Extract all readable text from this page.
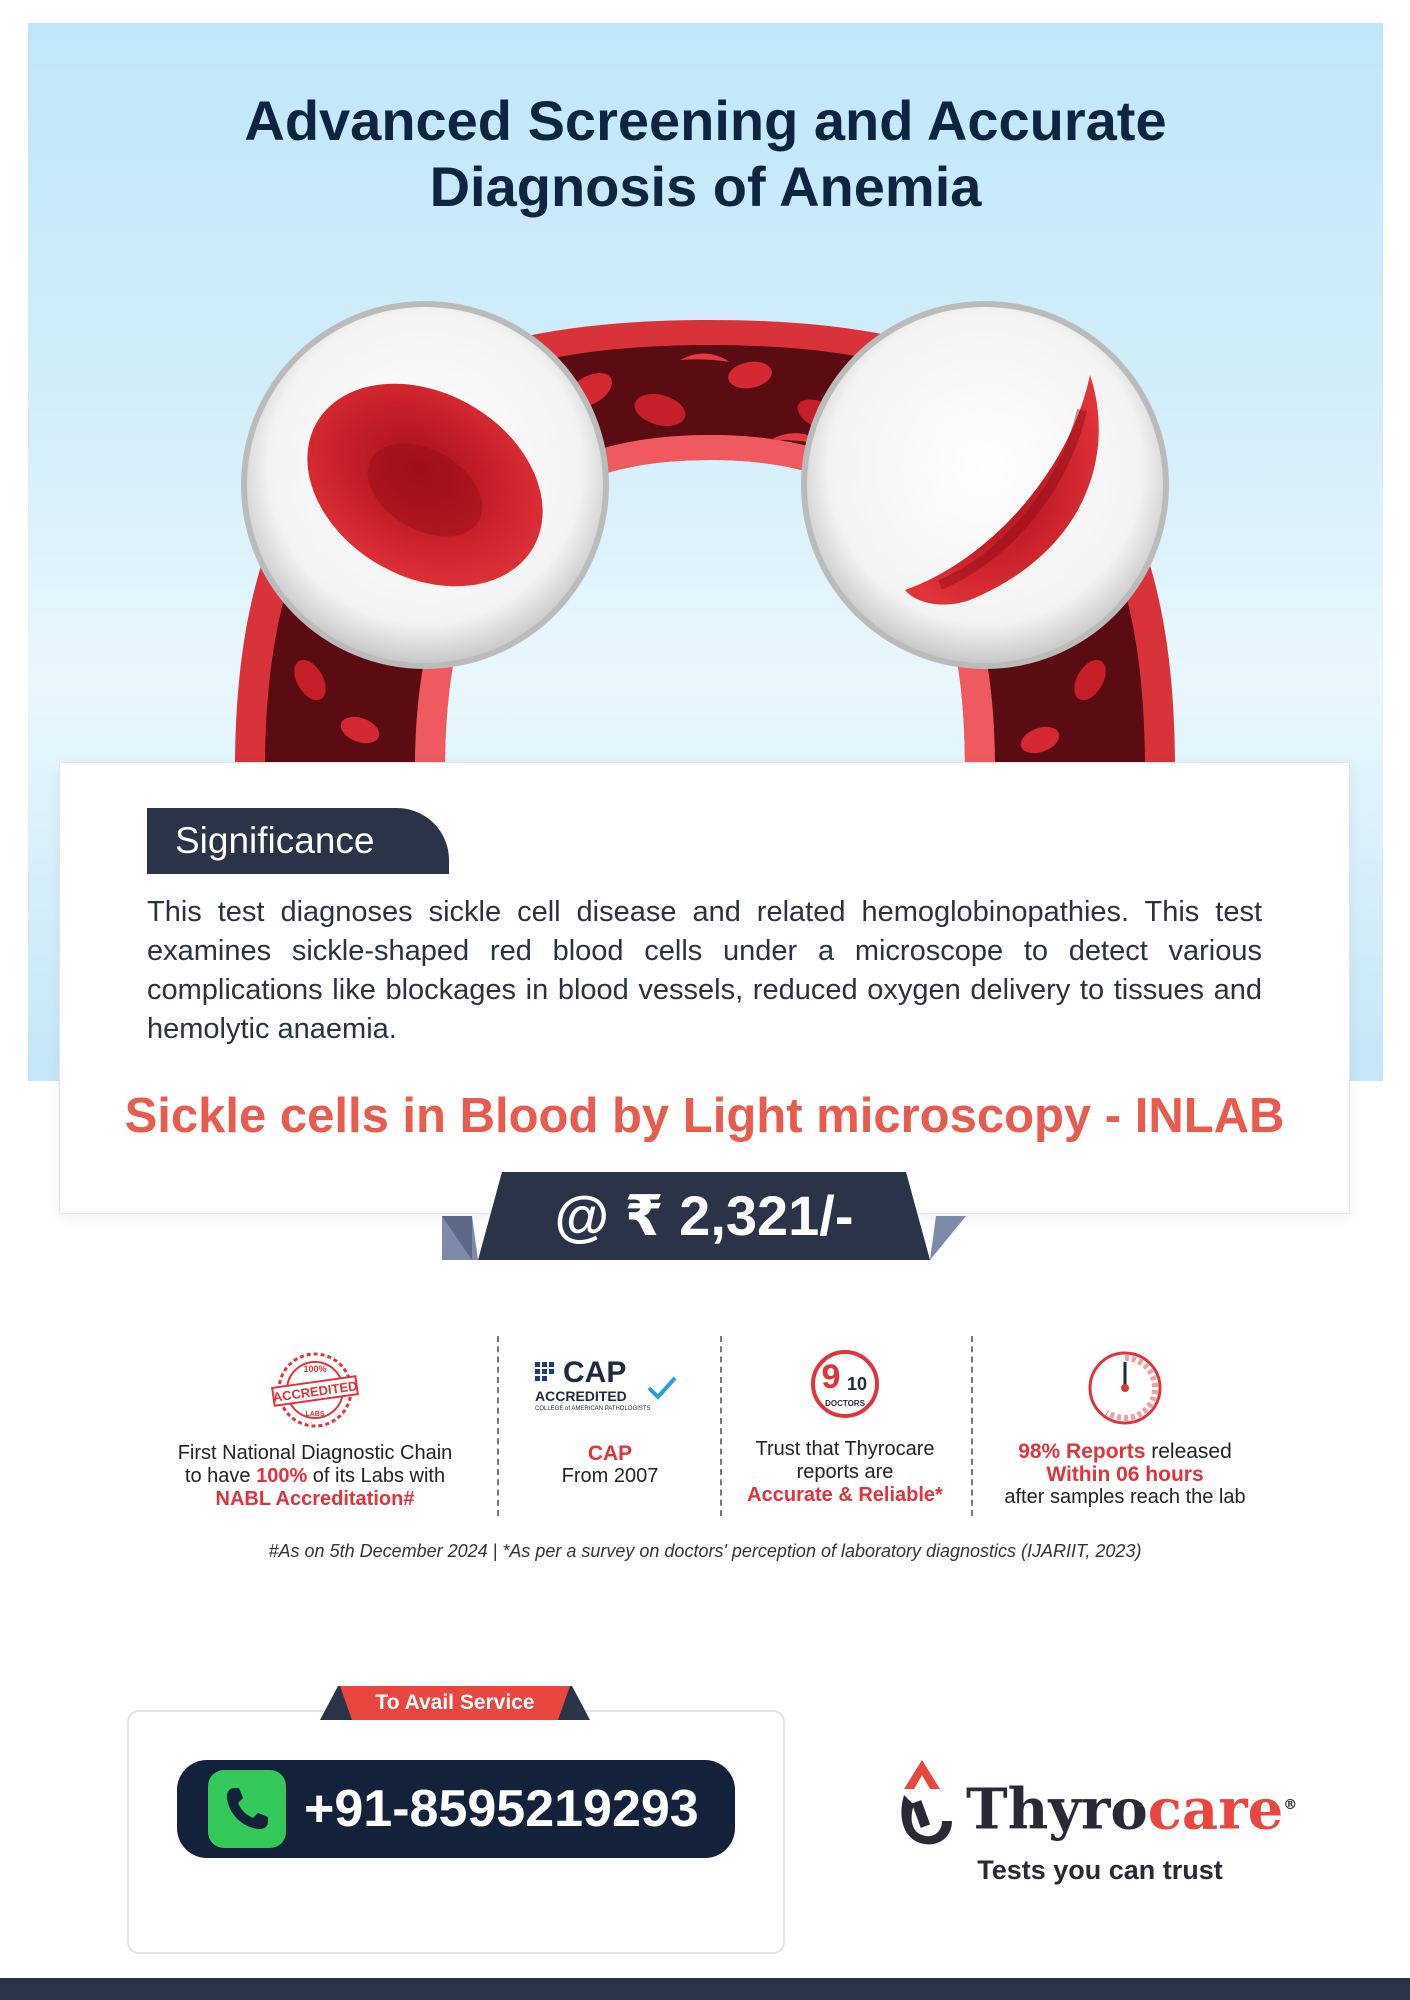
Advanced Screening and Accurate
Diagnosis of Anemia
Significance

This test diagnoses sickle cell disease and related hemoglobinopathies. This test examines sickle-shaped red blood cells under a microscope to detect various complications like blockages in blood vessels, reduced oxygen delivery to tissues and hemolytic anaemia.

Sickle cells in Blood by Light microscopy - INLAB
@ ₹ 2,321/-
ACCREDITED
100%
LABS
First National Diagnostic Chain
to have 100% of its Labs with
NABL Accreditation#
CAP
ACCREDITED
COLLEGE of AMERICAN PATHOLOGISTS
CAP
From 2007
9 10
DOCTORS
Trust that Thyrocare
reports are
Accurate & Reliable*
98% Reports released
Within 06 hours
after samples reach the lab
#As on 5th December 2024 | *As per a survey on doctors' perception of laboratory diagnostics (IJARIIT, 2023)
To Avail Service
+91-8595219293	Thyrocare®
Tests you can trust
